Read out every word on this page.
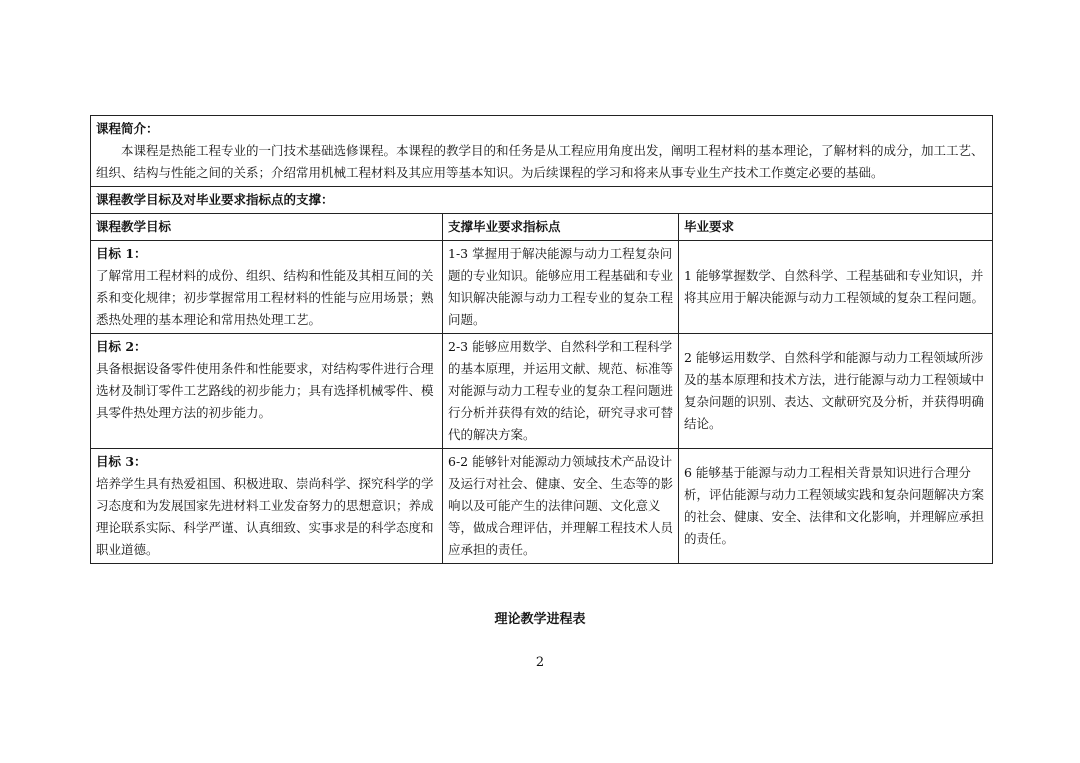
课程简介：
本课程是热能工程专业的一门技术基础选修课程。本课程的教学目的和任务是从工程应用角度出发，阐明工程材料的基本理论，了解材料的成分，加工工艺、组织、结构与性能之间的关系；介绍常用机械工程材料及其应用等基本知识。为后续课程的学习和将来从事专业生产技术工作奠定必要的基础。		

课程教学目标及对毕业要求指标点的支撑：		
课程教学目标	支撑毕业要求指标点	毕业要求

目标 1：
了解常用工程材料的成份、组织、结构和性能及其相互间的关系和变化规律；初步掌握常用工程材料的性能与应用场景；熟悉热处理的基本理论和常用热处理工艺。	1-3 掌握用于解决能源与动力工程复杂问题的专业知识。能够应用工程基础和专业知识解决能源与动力工程专业的复杂工程问题。	1 能够掌握数学、自然科学、工程基础和专业知识，并将其应用于解决能源与动力工程领域的复杂工程问题。

目标 2：
具备根据设备零件使用条件和性能要求，对结构零件进行合理选材及制订零件工艺路线的初步能力；具有选择机械零件、模具零件热处理方法的初步能力。	2-3 能够应用数学、自然科学和工程科学的基本原理，并运用文献、规范、标准等对能源与动力工程专业的复杂工程问题进行分析并获得有效的结论，研究寻求可替代的解决方案。	2 能够运用数学、自然科学和能源与动力工程领域所涉及的基本原理和技术方法，进行能源与动力工程领域中复杂问题的识别、表达、文献研究及分析，并获得明确结论。

目标 3：
培养学生具有热爱祖国、积极进取、崇尚科学、探究科学的学习态度和为发展国家先进材料工业发奋努力的思想意识；养成理论联系实际、科学严谨、认真细致、实事求是的科学态度和职业道德。	6-2 能够针对能源动力领域技术产品设计及运行对社会、健康、安全、生态等的影响以及可能产生的法律问题、文化意义等，做成合理评估，并理解工程技术人员应承担的责任。	6 能够基于能源与动力工程相关背景知识进行合理分析，评估能源与动力工程领域实践和复杂问题解决方案的社会、健康、安全、法律和文化影响，并理解应承担的责任。
理论教学进程表
2
